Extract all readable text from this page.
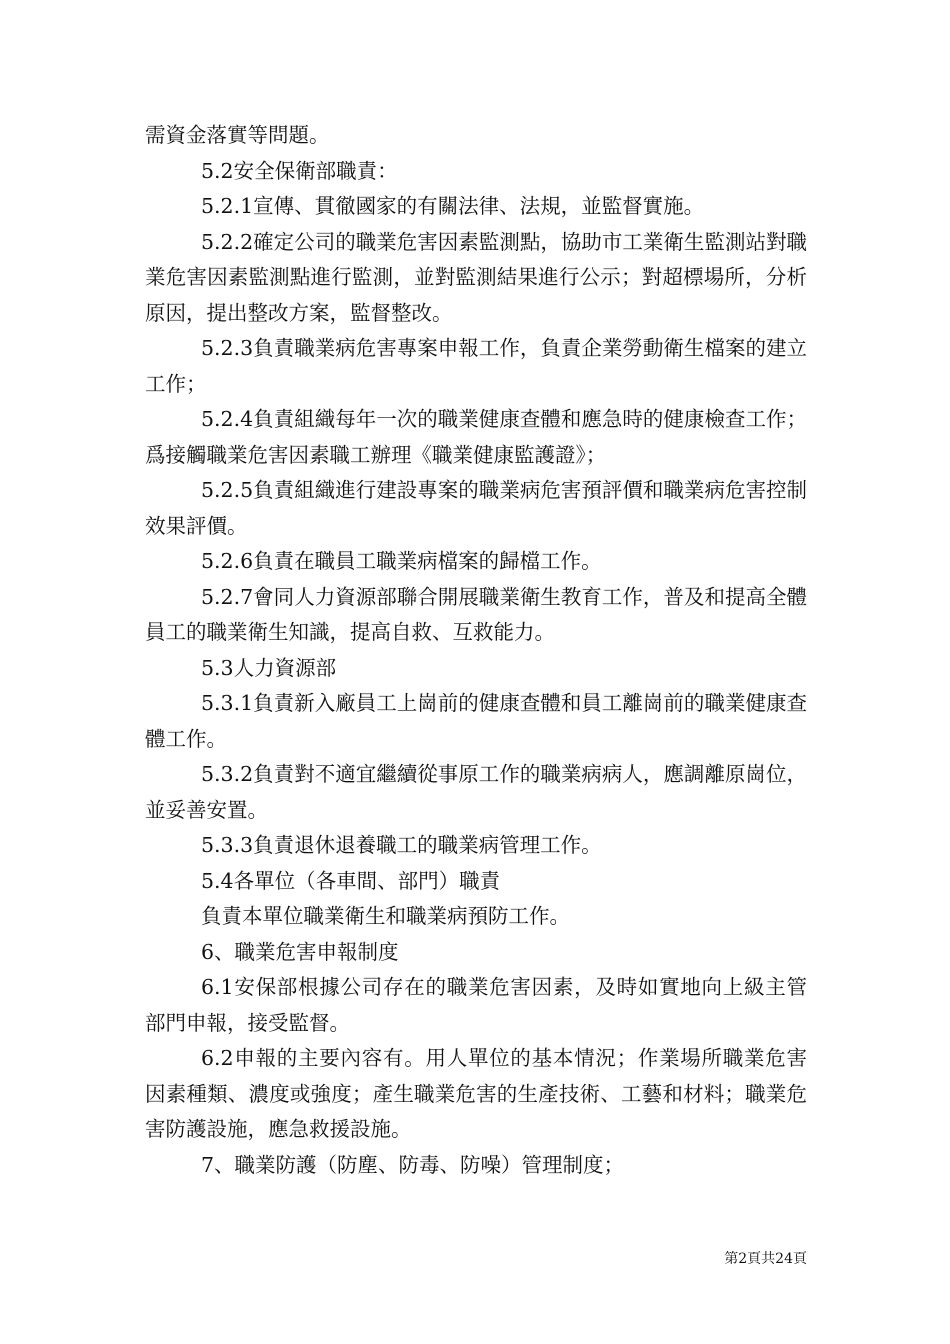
需資金落實等問題。

5.2安全保衛部職責：

5.2.1宣傳、貫徹國家的有關法律、法規，並監督實施。

5.2.2確定公司的職業危害因素監測點，協助市工業衛生監測站對職業危害因素監測點進行監測，並對監測結果進行公示；對超標場所，分析原因，提出整改方案，監督整改。

5.2.3負責職業病危害專案申報工作，負責企業勞動衛生檔案的建立工作；

5.2.4負責組織每年一次的職業健康查體和應急時的健康檢查工作；爲接觸職業危害因素職工辦理《職業健康監護證》；

5.2.5負責組織進行建設專案的職業病危害預評價和職業病危害控制效果評價。

5.2.6負責在職員工職業病檔案的歸檔工作。

5.2.7會同人力資源部聯合開展職業衛生教育工作，普及和提高全體員工的職業衛生知識，提高自救、互救能力。

5.3人力資源部

5.3.1負責新入廠員工上崗前的健康查體和員工離崗前的職業健康查體工作。

5.3.2負責對不適宜繼續從事原工作的職業病病人，應調離原崗位，並妥善安置。

5.3.3負責退休退養職工的職業病管理工作。

5.4各單位（各車間、部門）職責

負責本單位職業衛生和職業病預防工作。

6、職業危害申報制度

6.1安保部根據公司存在的職業危害因素，及時如實地向上級主管部門申報，接受監督。

6.2申報的主要內容有。用人單位的基本情況；作業場所職業危害因素種類、濃度或強度；產生職業危害的生產技術、工藝和材料；職業危害防護設施，應急救援設施。

7、職業防護（防塵、防毒、防噪）管理制度；

第2頁共24頁
